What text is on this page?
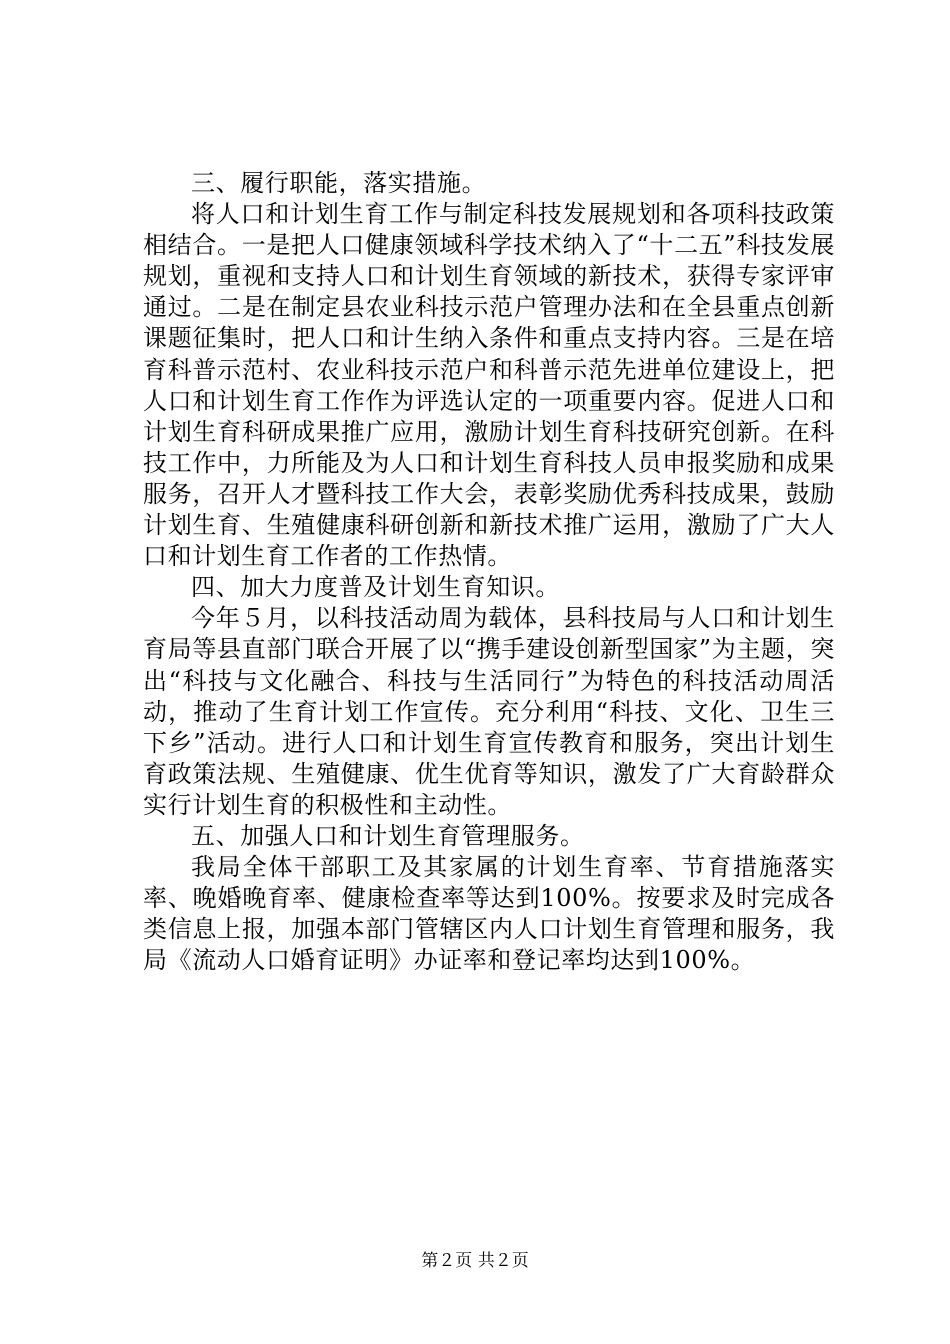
三、履行职能，落实措施。

将人口和计划生育工作与制定科技发展规划和各项科技政策相结合。一是把人口健康领域科学技术纳入了“十二五”科技发展规划，重视和支持人口和计划生育领域的新技术，获得专家评审通过。二是在制定县农业科技示范户管理办法和在全县重点创新课题征集时，把人口和计生纳入条件和重点支持内容。三是在培育科普示范村、农业科技示范户和科普示范先进单位建设上，把人口和计划生育工作作为评选认定的一项重要内容。促进人口和计划生育科研成果推广应用，激励计划生育科技研究创新。在科技工作中，力所能及为人口和计划生育科技人员申报奖励和成果服务，召开人才暨科技工作大会，表彰奖励优秀科技成果，鼓励计划生育、生殖健康科研创新和新技术推广运用，激励了广大人口和计划生育工作者的工作热情。

四、加大力度普及计划生育知识。

今年５月，以科技活动周为载体，县科技局与人口和计划生育局等县直部门联合开展了以“携手建设创新型国家”为主题，突出“科技与文化融合、科技与生活同行”为特色的科技活动周活动，推动了生育计划工作宣传。充分利用“科技、文化、卫生三下乡”活动。进行人口和计划生育宣传教育和服务，突出计划生育政策法规、生殖健康、优生优育等知识，激发了广大育龄群众实行计划生育的积极性和主动性。

五、加强人口和计划生育管理服务。

我局全体干部职工及其家属的计划生育率、节育措施落实率、晚婚晚育率、健康检查率等达到100%。按要求及时完成各类信息上报，加强本部门管辖区内人口计划生育管理和服务，我局《流动人口婚育证明》办证率和登记率均达到100%。

第２页 共２页
